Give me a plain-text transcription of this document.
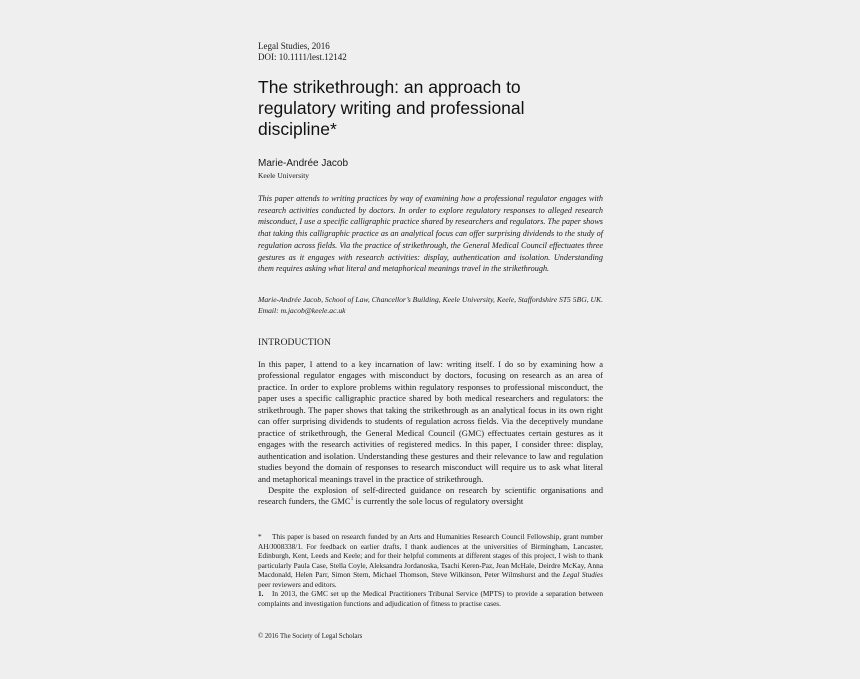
Legal Studies, 2016
DOI: 10.1111/lest.12142
The strikethrough: an approach to regulatory writing and professional discipline*
Marie-Andrée Jacob
Keele University

This paper attends to writing practices by way of examining how a professional regulator engages with research activities conducted by doctors. In order to explore regulatory responses to alleged research misconduct, I use a specific calligraphic practice shared by researchers and regulators. The paper shows that taking this calligraphic practice as an analytical focus can offer surprising dividends to the study of regulation across fields. Via the practice of strikethrough, the General Medical Council effectuates three gestures as it engages with research activities: display, authentication and isolation. Understanding them requires asking what literal and metaphorical meanings travel in the strikethrough.

Marie-Andrée Jacob, School of Law, Chancellor’s Building, Keele University, Keele, Staffordshire ST5 5BG, UK. Email: m.jacob@keele.ac.uk

INTRODUCTION

In this paper, I attend to a key incarnation of law: writing itself. I do so by examining how a professional regulator engages with misconduct by doctors, focusing on research as an area of practice. In order to explore problems within regulatory responses to professional misconduct, the paper uses a specific calligraphic practice shared by both medical researchers and regulators: the strikethrough. The paper shows that taking the strikethrough as an analytical focus in its own right can offer surprising dividends to students of regulation across fields. Via the deceptively mundane practice of strikethrough, the General Medical Council (GMC) effectuates certain gestures as it engages with the research activities of registered medics. In this paper, I consider three: display, authentication and isolation. Understanding these gestures and their relevance to law and regulation studies beyond the domain of responses to research misconduct will require us to ask what literal and metaphorical meanings travel in the practice of strikethrough.

Despite the explosion of self-directed guidance on research by scientific organisations and research funders, the GMC$^1$ is currently the sole locus of regulatory oversight

* This paper is based on research funded by an Arts and Humanities Research Council Fellowship, grant number AH/J008338/1. For feedback on earlier drafts, I thank audiences at the universities of Birmingham, Lancaster, Edinburgh, Kent, Leeds and Keele; and for their helpful comments at different stages of this project, I wish to thank particularly Paula Case, Stella Coyle, Aleksandra Jordanoska, Tsachi Keren-Paz, Jean McHale, Deirdre McKay, Anna Macdonald, Helen Parr, Simon Stern, Michael Thomson, Steve Wilkinson, Peter Wilmshurst and the Legal Studies peer reviewers and editors.

1. In 2013, the GMC set up the Medical Practitioners Tribunal Service (MPTS) to provide a separation between complaints and investigation functions and adjudication of fitness to practise cases.

© 2016 The Society of Legal Scholars
